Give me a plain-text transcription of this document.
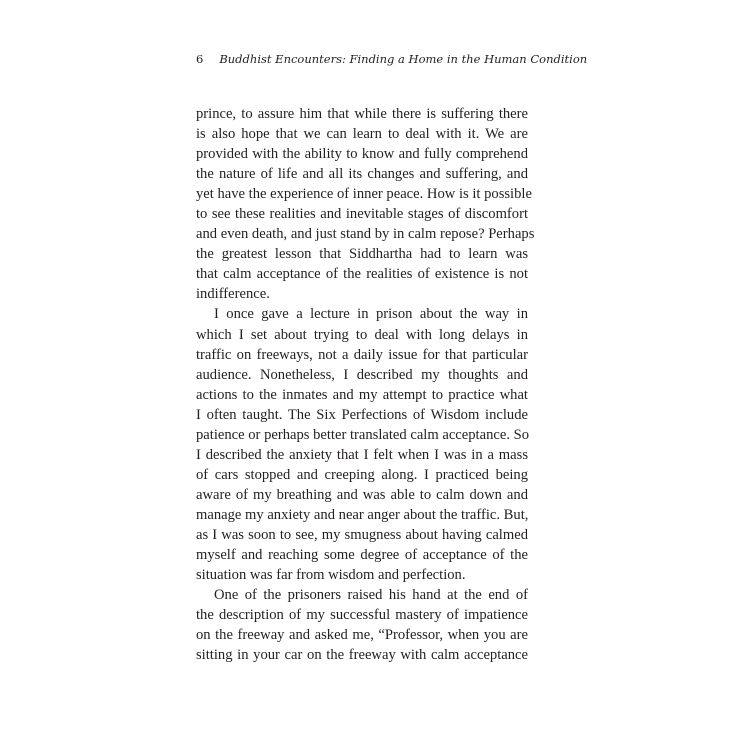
6 Buddhist Encounters: Finding a Home in the Human Condition
prince, to assure him that while there is suffering there
is also hope that we can learn to deal with it. We are
provided with the ability to know and fully comprehend
the nature of life and all its changes and suffering, and
yet have the experience of inner peace. How is it possible
to see these realities and inevitable stages of discomfort
and even death, and just stand by in calm repose? Perhaps
the greatest lesson that Siddhartha had to learn was
that calm acceptance of the realities of existence is not
indifference.
I once gave a lecture in prison about the way in
which I set about trying to deal with long delays in
traffic on freeways, not a daily issue for that particular
audience. Nonetheless, I described my thoughts and
actions to the inmates and my attempt to practice what
I often taught. The Six Perfections of Wisdom include
patience or perhaps better translated calm acceptance. So
I described the anxiety that I felt when I was in a mass
of cars stopped and creeping along. I practiced being
aware of my breathing and was able to calm down and
manage my anxiety and near anger about the traffic. But,
as I was soon to see, my smugness about having calmed
myself and reaching some degree of acceptance of the
situation was far from wisdom and perfection.
One of the prisoners raised his hand at the end of
the description of my successful mastery of impatience
on the freeway and asked me, “Professor, when you are
sitting in your car on the freeway with calm acceptance
